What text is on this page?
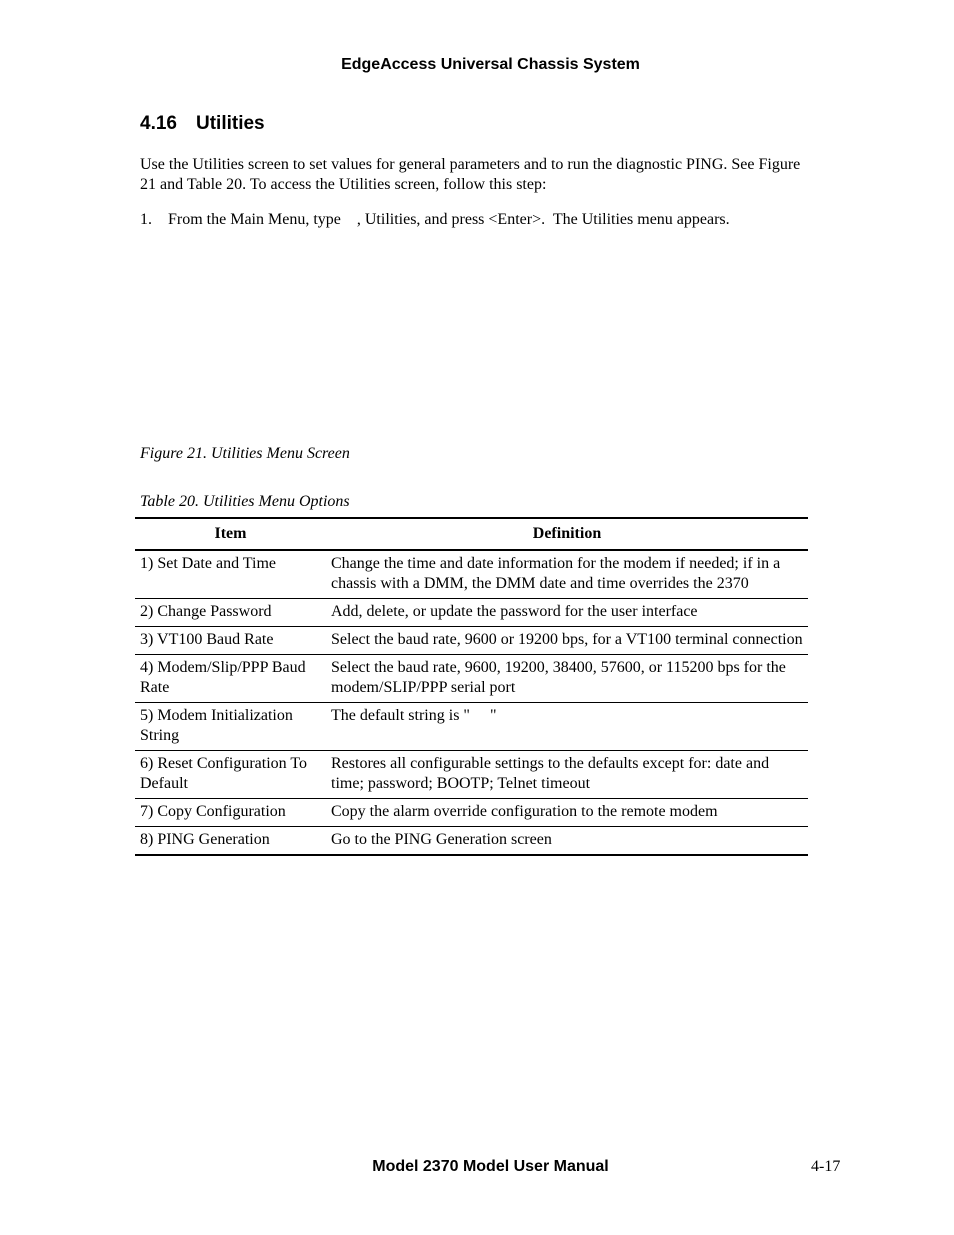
EdgeAccess Universal Chassis System
4.16 Utilities
Use the Utilities screen to set values for general parameters and to run the diagnostic PING. See Figure 21 and Table 20. To access the Utilities screen, follow this step:
1. From the Main Menu, type    , Utilities, and press <Enter>.  The Utilities menu appears.
Figure 21. Utilities Menu Screen
Table 20. Utilities Menu Options
Item	Definition
1) Set Date and Time	Change the time and date information for the modem if needed; if in a chassis with a DMM, the DMM date and time overrides the 2370
2) Change Password	Add, delete, or update the password for the user interface
3) VT100 Baud Rate	Select the baud rate, 9600 or 19200 bps, for a VT100 terminal connection
4) Modem/Slip/PPP Baud Rate	Select the baud rate, 9600, 19200, 38400, 57600, or 115200 bps for the modem/SLIP/PPP serial port
5) Modem Initialization String	The default string is "     "
6) Reset Configuration To Default	Restores all configurable settings to the defaults except for: date and time; password; BOOTP; Telnet timeout
7) Copy Configuration	Copy the alarm override configuration to the remote modem
8) PING Generation	Go to the PING Generation screen
Model 2370 Model User Manual	4-17
